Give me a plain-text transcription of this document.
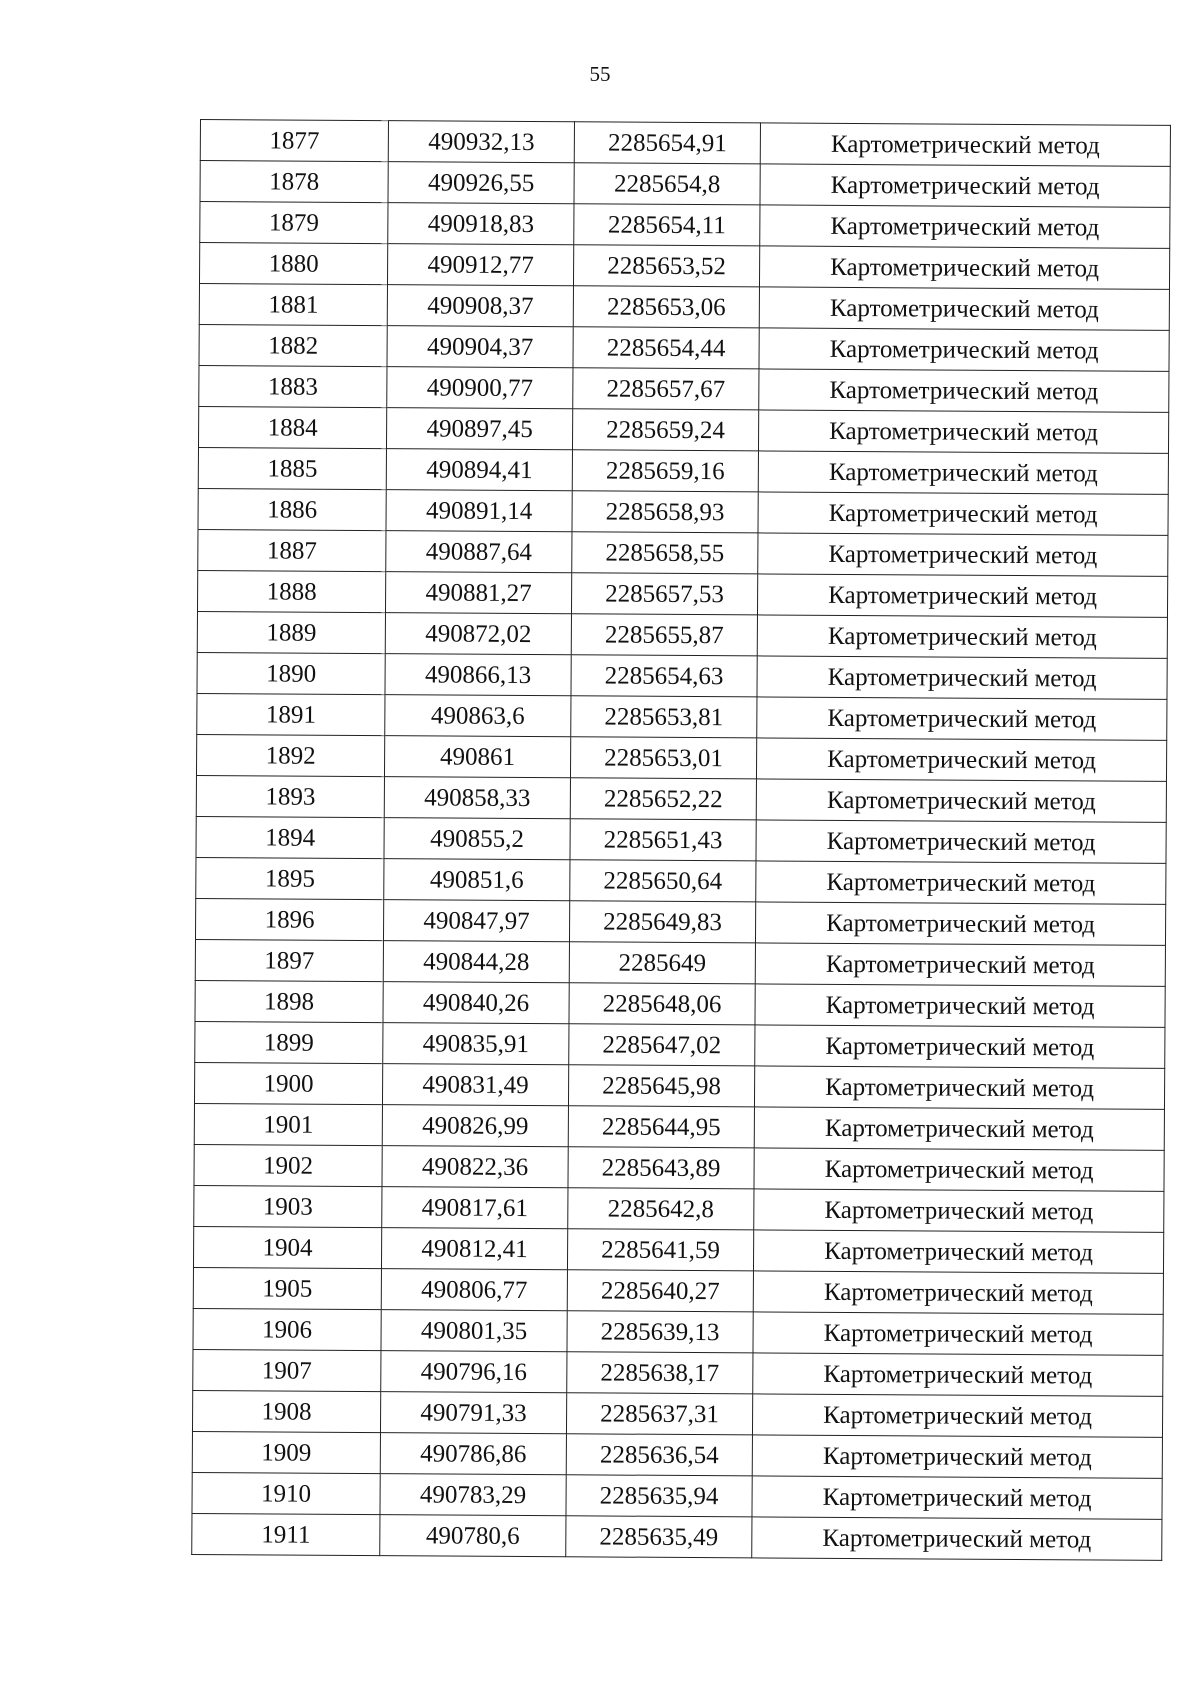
55
1877	490932,13	2285654,91	Картометрический метод
1878	490926,55	2285654,8	Картометрический метод
1879	490918,83	2285654,11	Картометрический метод
1880	490912,77	2285653,52	Картометрический метод
1881	490908,37	2285653,06	Картометрический метод
1882	490904,37	2285654,44	Картометрический метод
1883	490900,77	2285657,67	Картометрический метод
1884	490897,45	2285659,24	Картометрический метод
1885	490894,41	2285659,16	Картометрический метод
1886	490891,14	2285658,93	Картометрический метод
1887	490887,64	2285658,55	Картометрический метод
1888	490881,27	2285657,53	Картометрический метод
1889	490872,02	2285655,87	Картометрический метод
1890	490866,13	2285654,63	Картометрический метод
1891	490863,6	2285653,81	Картометрический метод
1892	490861	2285653,01	Картометрический метод
1893	490858,33	2285652,22	Картометрический метод
1894	490855,2	2285651,43	Картометрический метод
1895	490851,6	2285650,64	Картометрический метод
1896	490847,97	2285649,83	Картометрический метод
1897	490844,28	2285649	Картометрический метод
1898	490840,26	2285648,06	Картометрический метод
1899	490835,91	2285647,02	Картометрический метод
1900	490831,49	2285645,98	Картометрический метод
1901	490826,99	2285644,95	Картометрический метод
1902	490822,36	2285643,89	Картометрический метод
1903	490817,61	2285642,8	Картометрический метод
1904	490812,41	2285641,59	Картометрический метод
1905	490806,77	2285640,27	Картометрический метод
1906	490801,35	2285639,13	Картометрический метод
1907	490796,16	2285638,17	Картометрический метод
1908	490791,33	2285637,31	Картометрический метод
1909	490786,86	2285636,54	Картометрический метод
1910	490783,29	2285635,94	Картометрический метод
1911	490780,6	2285635,49	Картометрический метод
